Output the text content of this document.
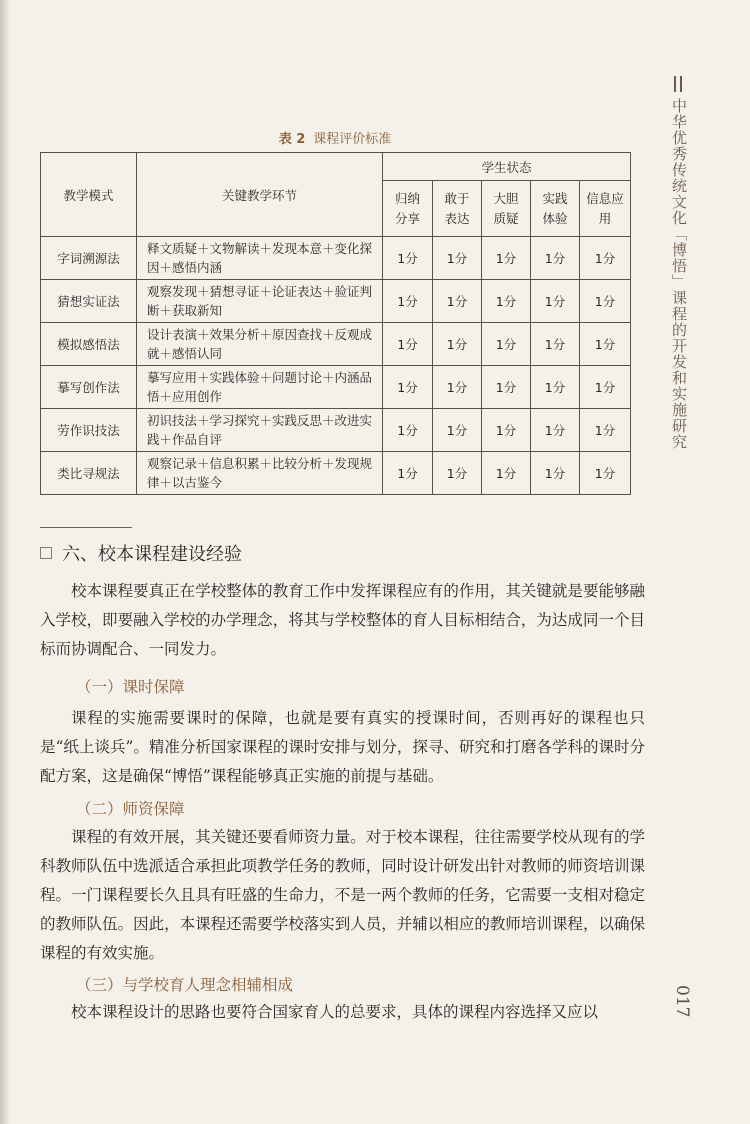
中华优秀传统文化「博悟」课程的开发和实施研究
017
表 2 课程评价标准
教学模式	关键教学环节	学生状态				
		归纳分享	敢于表达	大胆质疑	实践体验	信息应用
字词溯源法	释文质疑＋文物解读＋发现本意＋变化探因＋感悟内涵	1分	1分	1分	1分	1分
猜想实证法	观察发现＋猜想寻证＋论证表达＋验证判断＋获取新知	1分	1分	1分	1分	1分
模拟感悟法	设计表演＋效果分析＋原因查找＋反观成就＋感悟认同	1分	1分	1分	1分	1分
摹写创作法	摹写应用＋实践体验＋问题讨论＋内涵品悟＋应用创作	1分	1分	1分	1分	1分
劳作识技法	初识技法＋学习探究＋实践反思＋改进实践＋作品自评	1分	1分	1分	1分	1分
类比寻规法	观察记录＋信息积累＋比较分析＋发现规律＋以古鉴今	1分	1分	1分	1分	1分
六、校本课程建设经验

校本课程要真正在学校整体的教育工作中发挥课程应有的作用，其关键就是要能够融入学校，即要融入学校的办学理念，将其与学校整体的育人目标相结合，为达成同一个目标而协调配合、一同发力。

（一）课时保障

课程的实施需要课时的保障，也就是要有真实的授课时间，否则再好的课程也只是“纸上谈兵”。精准分析国家课程的课时安排与划分，探寻、研究和打磨各学科的课时分配方案，这是确保“博悟”课程能够真正实施的前提与基础。

（二）师资保障

课程的有效开展，其关键还要看师资力量。对于校本课程，往往需要学校从现有的学科教师队伍中选派适合承担此项教学任务的教师，同时设计研发出针对教师的师资培训课程。一门课程要长久且具有旺盛的生命力，不是一两个教师的任务，它需要一支相对稳定的教师队伍。因此，本课程还需要学校落实到人员，并辅以相应的教师培训课程，以确保课程的有效实施。

（三）与学校育人理念相辅相成

校本课程设计的思路也要符合国家育人的总要求，具体的课程内容选择又应以
